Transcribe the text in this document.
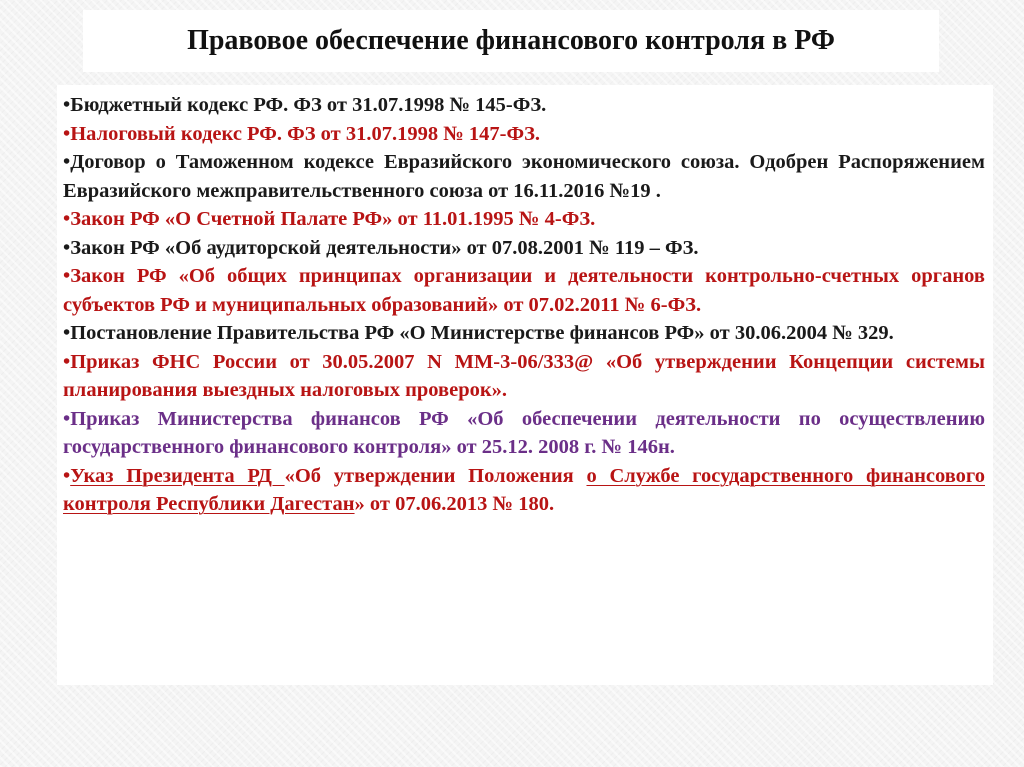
Правовое обеспечение финансового контроля в РФ
•Бюджетный кодекс РФ. ФЗ от 31.07.1998 № 145-ФЗ.
•Налоговый кодекс РФ. ФЗ от 31.07.1998 № 147-ФЗ.
•Договор о Таможенном кодексе Евразийского экономического союза. Одобрен Распоряжением Евразийского межправительственного союза от 16.11.2016 №19 .
•Закон РФ «О Счетной Палате РФ» от 11.01.1995 № 4-ФЗ.
•Закон РФ «Об аудиторской деятельности» от 07.08.2001 № 119 – ФЗ.
•Закон РФ «Об общих принципах организации и деятельности контрольно-счетных органов субъектов РФ и муниципальных образований» от 07.02.2011 № 6-ФЗ.
•Постановление Правительства РФ «О Министерстве финансов РФ» от 30.06.2004 № 329.
•Приказ ФНС России от 30.05.2007 N ММ-3-06/333@ «Об утверждении Концепции системы планирования выездных налоговых проверок».
•Приказ Министерства финансов РФ «Об обеспечении деятельности по осуществлению государственного финансового контроля» от 25.12. 2008 г. № 146н.
•Указ Президента РД «Об утверждении Положения о Службе государственного финансового контроля Республики Дагестан» от 07.06.2013 № 180.
